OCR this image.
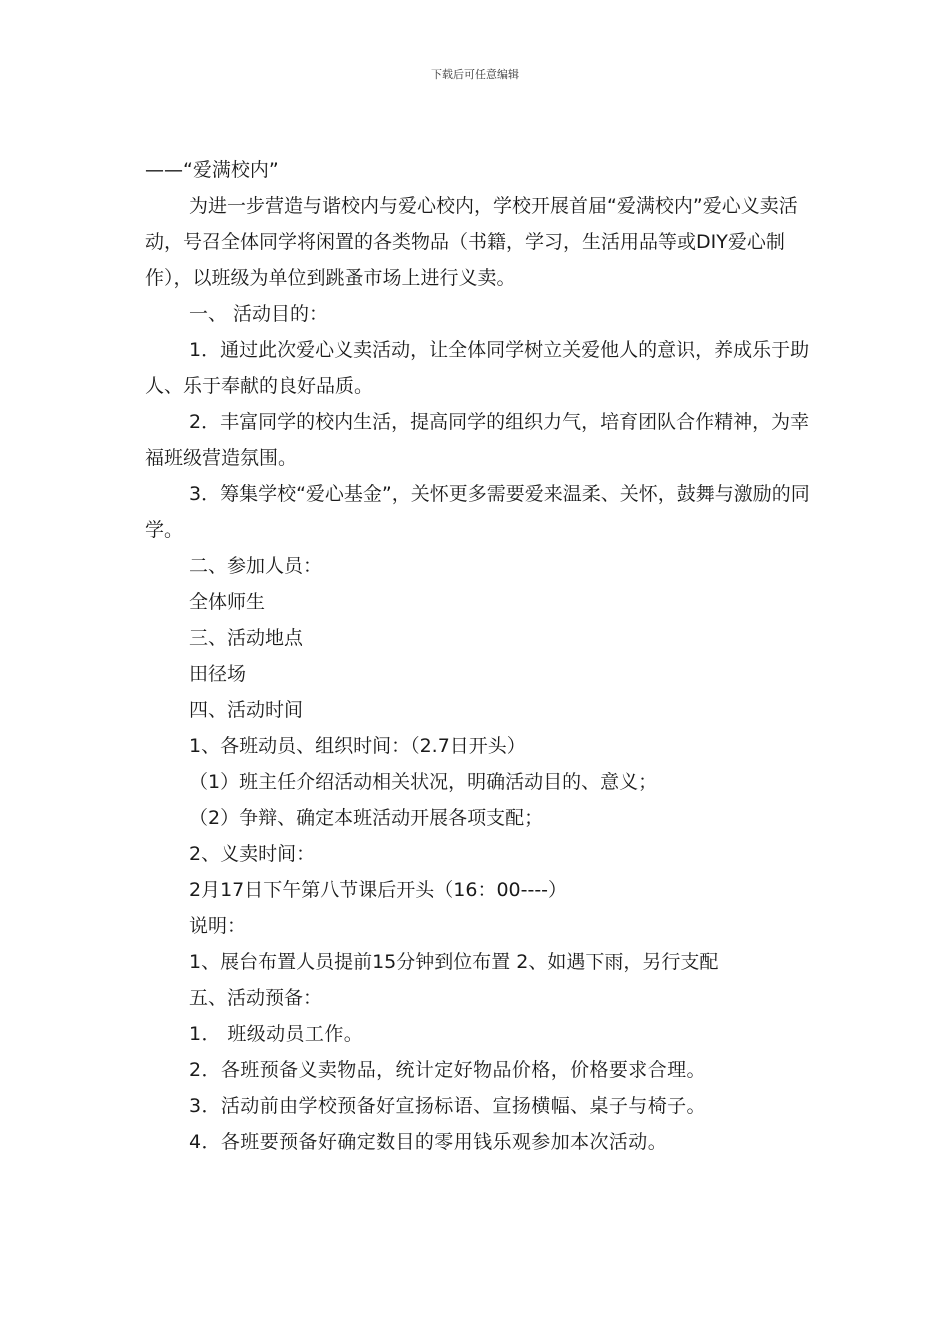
下载后可任意编辑

——“爱满校内”

为进一步营造与谐校内与爱心校内，学校开展首届“爱满校内”爱心义卖活动，号召全体同学将闲置的各类物品（书籍，学习，生活用品等或DIY爱心制作），以班级为单位到跳蚤市场上进行义卖。

一、 活动目的：

1．通过此次爱心义卖活动，让全体同学树立关爱他人的意识，养成乐于助人、乐于奉献的良好品质。

2．丰富同学的校内生活，提高同学的组织力气，培育团队合作精神，为幸福班级营造氛围。

3．筹集学校“爱心基金”，关怀更多需要爱来温柔、关怀，鼓舞与激励的同学。

二、参加人员：

全体师生

三、活动地点

田径场

四、活动时间

1、各班动员、组织时间：（2.7日开头）

（1）班主任介绍活动相关状况，明确活动目的、意义；

（2）争辩、确定本班活动开展各项支配；

2、义卖时间：

2月17日下午第八节课后开头（16：00----）

说明：

1、展台布置人员提前15分钟到位布置 2、如遇下雨，另行支配

五、活动预备：

1． 班级动员工作。

2．各班预备义卖物品，统计定好物品价格，价格要求合理。

3．活动前由学校预备好宣扬标语、宣扬横幅、桌子与椅子。

4．各班要预备好确定数目的零用钱乐观参加本次活动。
